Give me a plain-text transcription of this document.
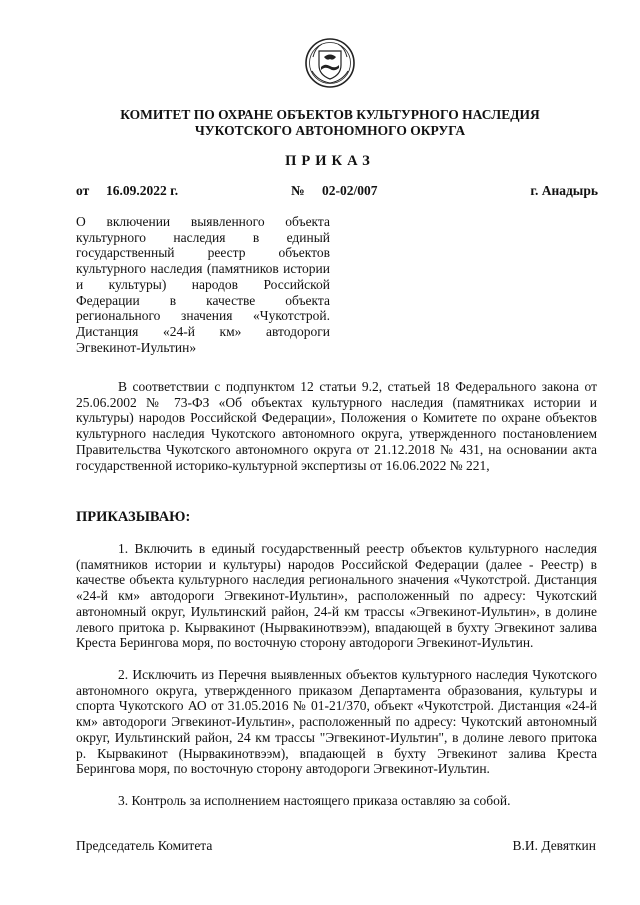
КОМИТЕТ ПО ОХРАНЕ ОБЪЕКТОВ КУЛЬТУРНОГО НАСЛЕДИЯ
ЧУКОТСКОГО АВТОНОМНОГО ОКРУГА
ПРИКАЗ
от 16.09.2022 г.	№ 02-02/007	г. Анадырь
О включении выявленного объекта культурного наследия в единый государственный реестр объектов культурного наследия (памятников истории и культуры) народов Российской Федерации в качестве объекта регионального значения «Чукотстрой. Дистанция «24-й км» автодороги Эгвекинот-Иультин»
В соответствии с подпунктом 12 статьи 9.2, статьей 18 Федерального закона от 25.06.2002 № 73-ФЗ «Об объектах культурного наследия (памятниках истории и культуры) народов Российской Федерации», Положения о Комитете по охране объектов культурного наследия Чукотского автономного округа, утвержденного постановлением Правительства Чукотского автономного округа от 21.12.2018 № 431, на основании акта государственной историко-культурной экспертизы от 16.06.2022 № 221,
ПРИКАЗЫВАЮ:
1. Включить в единый государственный реестр объектов культурного наследия (памятников истории и культуры) народов Российской Федерации (далее - Реестр) в качестве объекта культурного наследия регионального значения «Чукотстрой. Дистанция «24-й км» автодороги Эгвекинот-Иультин», расположенный по адресу: Чукотский автономный округ, Иультинский район, 24-й км трассы «Эгвекинот-Иультин», в долине левого притока р. Кырвакинот (Нырвакинотвээм), впадающей в бухту Эгвекинот залива Креста Берингова моря, по восточную сторону автодороги Эгвекинот-Иультин.
2. Исключить из Перечня выявленных объектов культурного наследия Чукотского автономного округа, утвержденного приказом Департамента образования, культуры и спорта Чукотского АО от 31.05.2016 № 01-21/370, объект «Чукотстрой. Дистанция «24-й км» автодороги Эгвекинот-Иультин», расположенный по адресу: Чукотский автономный округ, Иультинский район, 24 км трассы "Эгвекинот-Иультин", в долине левого притока р. Кырвакинот (Нырвакинотвээм), впадающей в бухту Эгвекинот залива Креста Берингова моря, по восточную сторону автодороги Эгвекинот-Иультин.
3. Контроль за исполнением настоящего приказа оставляю за собой.
Председатель Комитета	В.И. Девяткин
